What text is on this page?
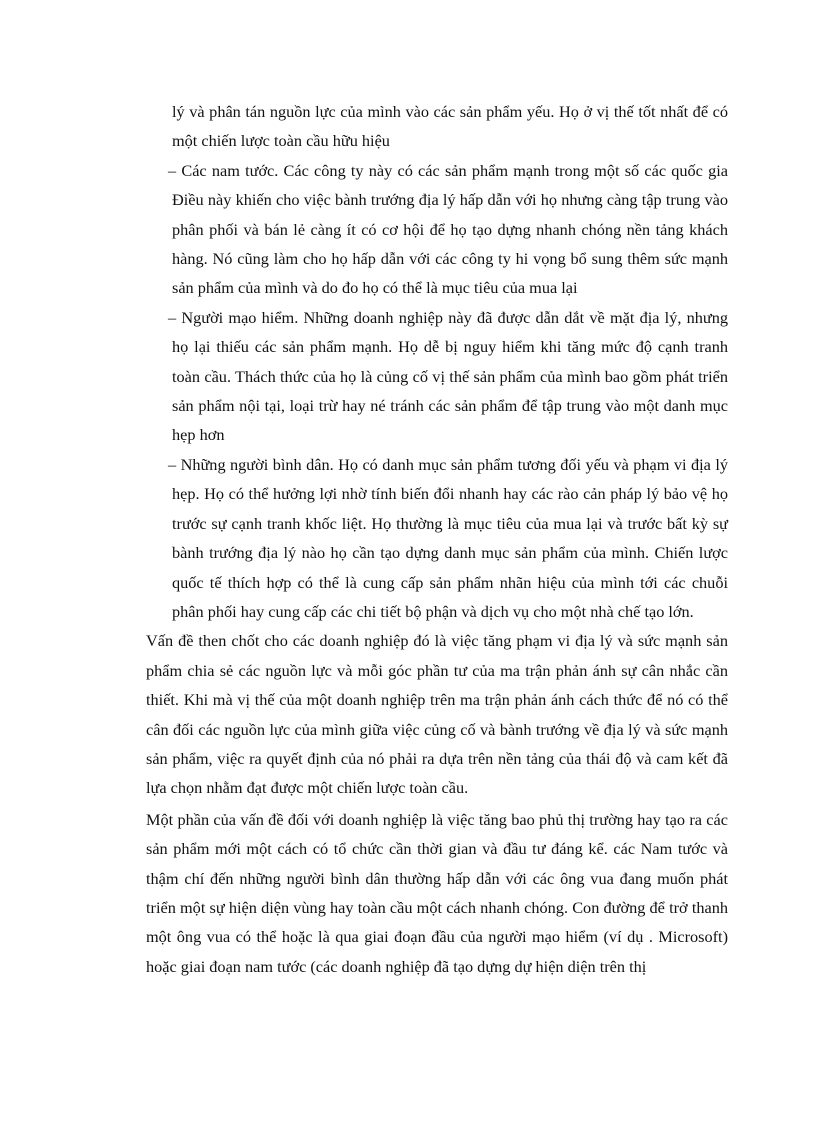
lý và phân tán nguồn lực của mình vào các sản phẩm yếu. Họ ở vị thế tốt nhất để có một chiến lược toàn cầu hữu hiệu

– Các nam tước. Các công ty này có các sản phẩm mạnh trong một số các quốc gia Điều này khiến cho việc bành trướng địa lý hấp dẫn với họ nhưng càng tập trung vào phân phối và bán lẻ càng ít có cơ hội để họ tạo dựng nhanh chóng nền tảng khách hàng. Nó cũng làm cho họ hấp dẫn với các công ty hi vọng bổ sung thêm sức mạnh sản phẩm của mình và do đo họ có thể là mục tiêu của mua lại

– Người mạo hiểm. Những doanh nghiệp này đã được dẫn dắt về mặt địa lý, nhưng họ lại thiếu các sản phẩm mạnh. Họ dễ bị nguy hiểm khi tăng mức độ cạnh tranh toàn cầu. Thách thức của họ là củng cố vị thế sản phẩm của mình bao gồm phát triển sản phẩm nội tại, loại trừ hay né tránh các sản phẩm để tập trung vào một danh mục hẹp hơn

– Những người bình dân. Họ có danh mục sản phẩm tương đối yếu và phạm vi địa lý hẹp. Họ có thể hưởng lợi nhờ tính biến đổi nhanh hay các rào cản pháp lý bảo vệ họ trước sự cạnh tranh khốc liệt. Họ thường là mục tiêu của mua lại và trước bất kỳ sự bành trướng địa lý nào họ cần tạo dựng danh mục sản phẩm của mình. Chiến lược quốc tế thích hợp có thể là cung cấp sản phẩm nhãn hiệu của mình tới các chuỗi phân phối hay cung cấp các chi tiết bộ phận và dịch vụ cho một nhà chế tạo lớn.

Vấn đề then chốt cho các doanh nghiệp đó là việc tăng phạm vi địa lý và sức mạnh sản phẩm chia sẻ các nguồn lực và mỗi góc phần tư của ma trận phản ánh sự cân nhắc cần thiết. Khi mà vị thế của một doanh nghiệp trên ma trận phản ánh cách thức để nó có thể cân đối các nguồn lực của mình giữa việc củng cố và bành trướng về địa lý và sức mạnh sản phẩm, việc ra quyết định của nó phải ra dựa trên nền tảng của thái độ và cam kết đã lựa chọn nhằm đạt được một chiến lược toàn cầu.

Một phần của vấn đề đối với doanh nghiệp là việc tăng bao phủ thị trường hay tạo ra các sản phẩm mới một cách có tổ chức cần thời gian và đầu tư đáng kể. các Nam tước và thậm chí đến những người bình dân thường hấp dẫn với các ông vua đang muốn phát triển một sự hiện diện vùng hay toàn cầu một cách nhanh chóng. Con đường để trở thanh một ông vua có thể hoặc là qua giai đoạn đầu của người mạo hiểm (ví dụ . Microsoft) hoặc giai đoạn nam tước (các doanh nghiệp đã tạo dựng dự hiện diện trên thị
